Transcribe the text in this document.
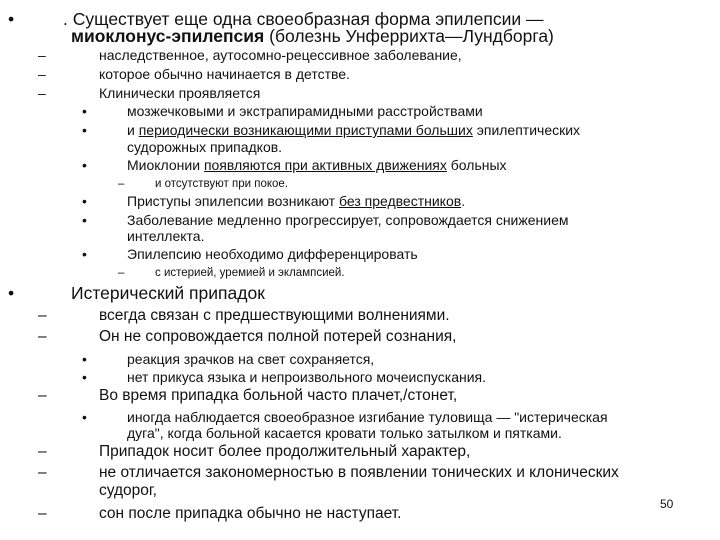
•	. Существует еще одна своеобразная форма эпилепсии —
миоклонус-эпилепсия (болезнь Унферрихта—Лундборга)
–	наследственное, аутосомно-рецессивное заболевание,
–	которое обычно начинается в детстве.
–	Клинически проявляется
•	мозжечковыми и экстрапирамидными расстройствами
•	и периодически возникающими приступами больших эпилептических
судорожных припадков.
•	Миоклонии появляются при активных движениях больных
–	и отсутствуют при покое.
•	Приступы эпилепсии возникают без предвестников.
•	Заболевание медленно прогрессирует, сопровождается снижением
интеллекта.
•	Эпилепсию необходимо дифференцировать
–	с истерией, уремией и эклампсией.
•	Истерический припадок
–	всегда связан с предшествующими волнениями.
–	Он не сопровождается полной потерей сознания,
•	реакция зрачков на свет сохраняется,
•	нет прикуса языка и непроизвольного мочеиспускания.
–	Во время припадка больной часто плачет,/стонет,
•	иногда наблюдается своеобразное изгибание туловища — "истерическая
дуга", когда больной касается кровати только затылком и пятками.
–	Припадок носит более продолжительный характер,
–	не отличается закономерностью в появлении тонических и клонических
судорог,
–	сон после припадка обычно не наступает.
50
